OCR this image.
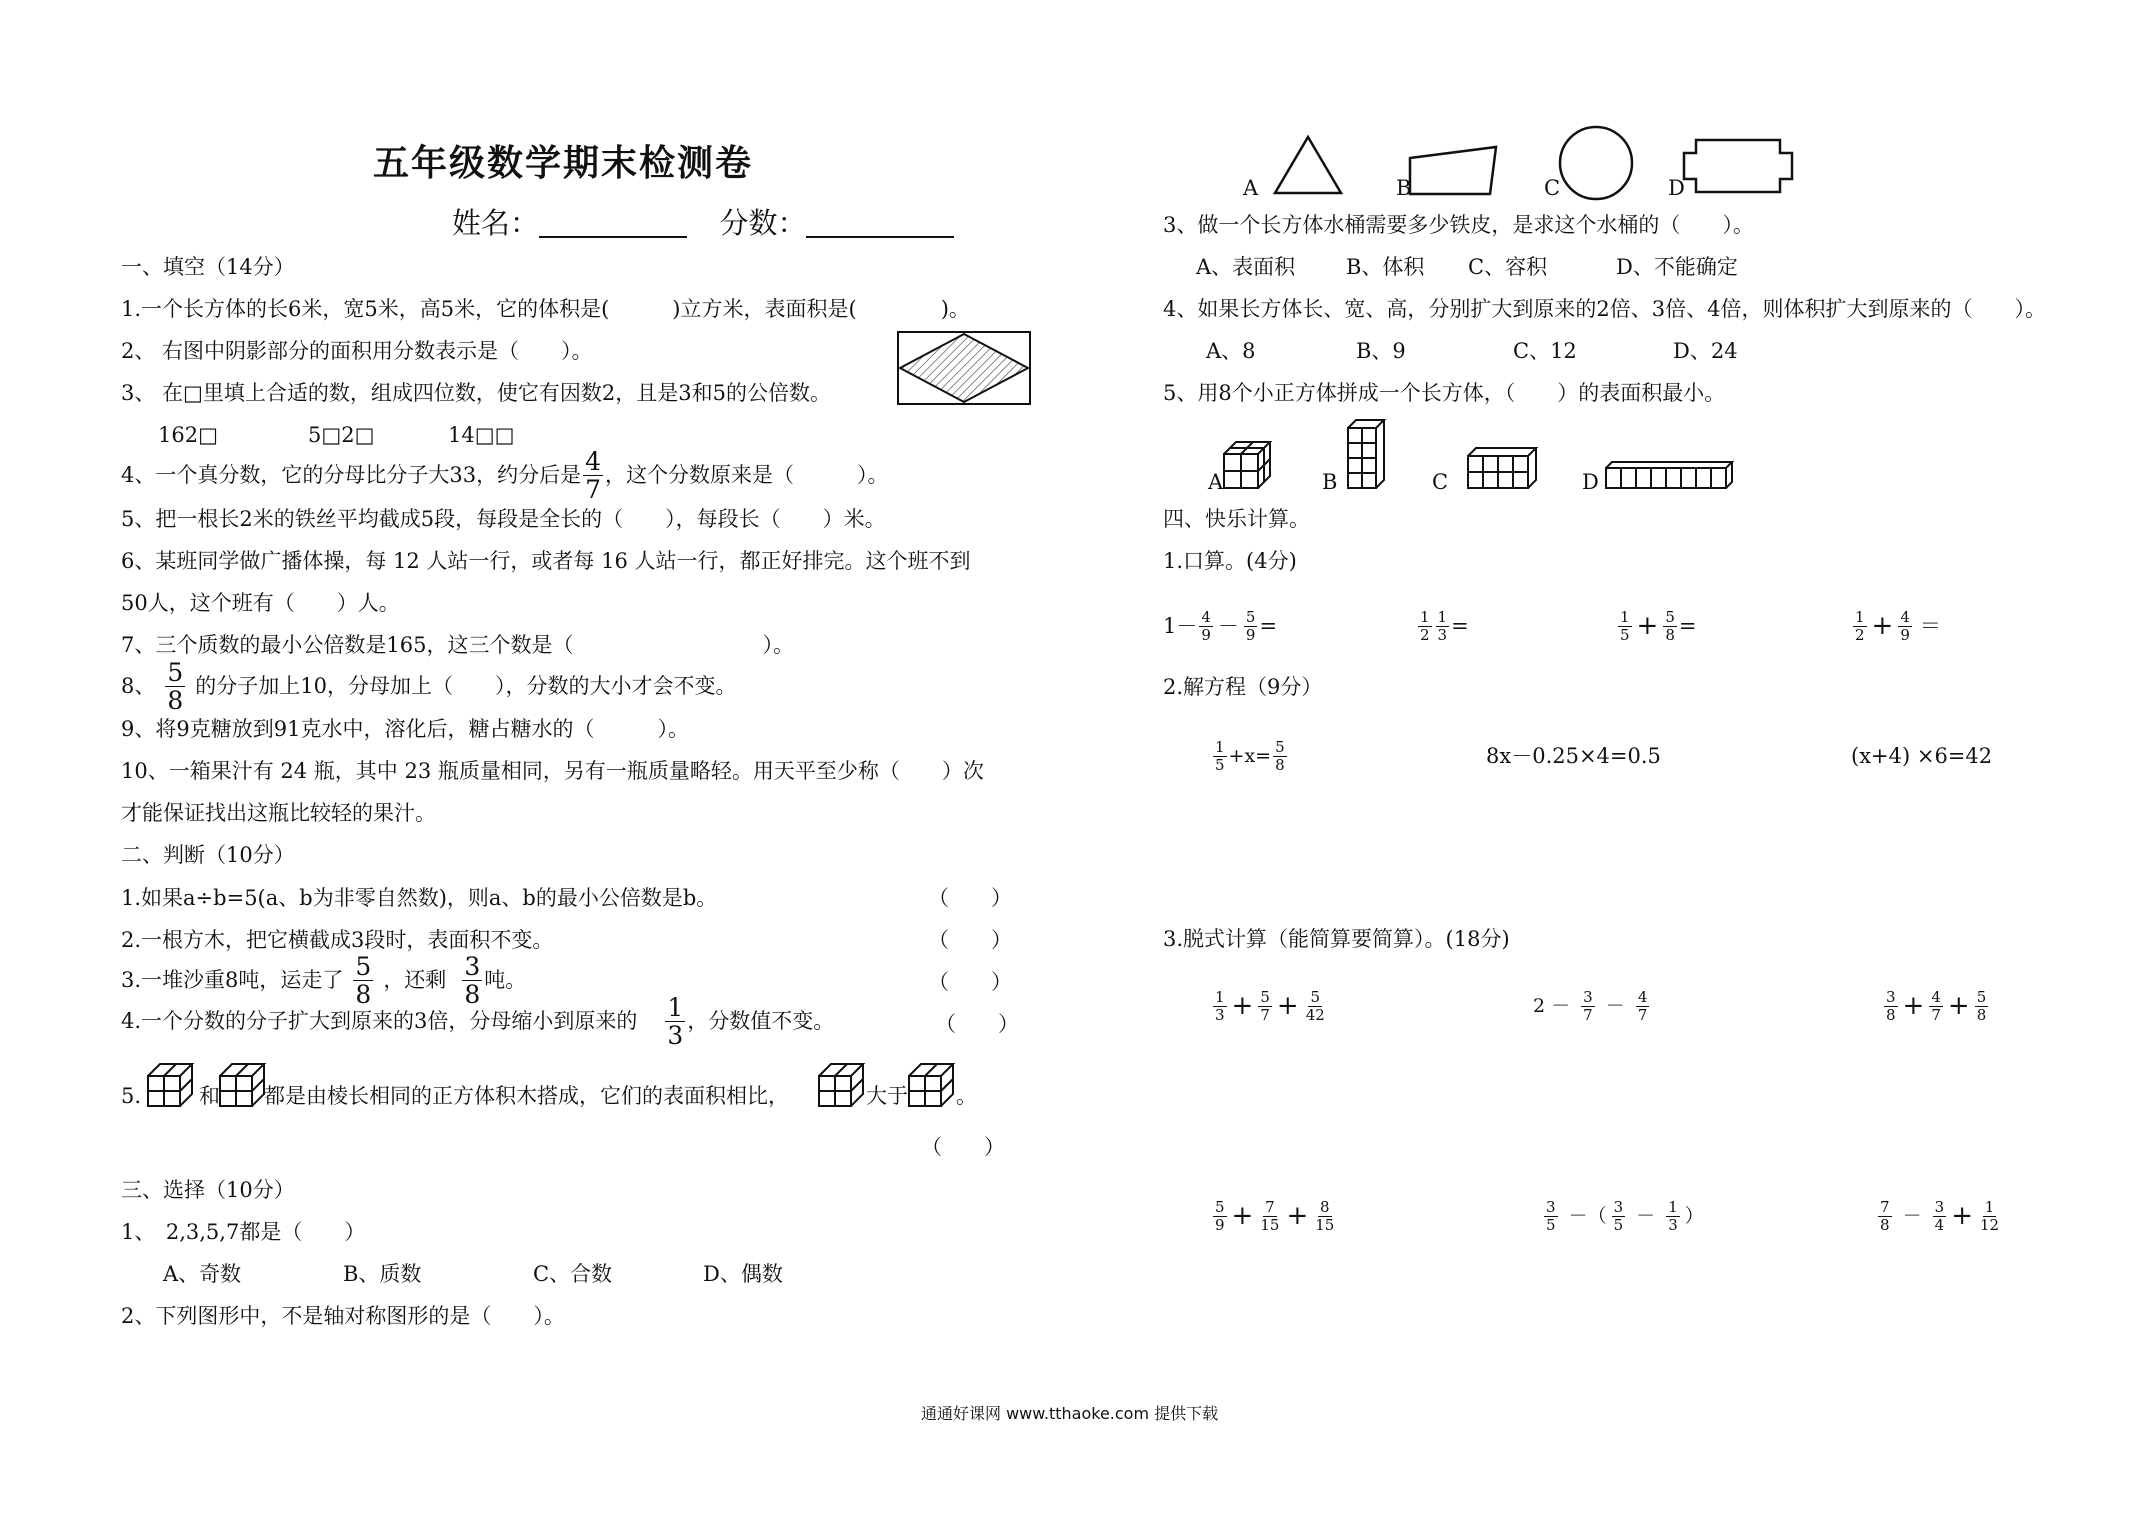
五年级数学期末检测卷
姓名：	分数：
一、填空（14分）
1.一个长方体的长6米，宽5米，高5米，它的体积是(　　　)立方米，表面积是(　　　　)。
2、 右图中阴影部分的面积用分数表示是（　　）。
3、 在□里填上合适的数，组成四位数，使它有因数2，且是3和5的公倍数。
162□	5□2□	14□□
4、一个真分数，它的分母比分子大33，约分后是 $\frac{4}{7}$ ，这个分数原来是（　　　）。
5、把一根长2米的铁丝平均截成5段，每段是全长的（　　），每段长（　　）米。
6、某班同学做广播体操，每 12 人站一行，或者每 16 人站一行，都正好排完。这个班不到
50人，这个班有（　　）人。
7、三个质数的最小公倍数是165，这三个数是（　　　　　　　　　）。
8、 $\frac{5}{8}$ 的分子加上10，分母加上（　　），分数的大小才会不变。
9、将9克糖放到91克水中，溶化后，糖占糖水的（　　　）。
10、一箱果汁有 24 瓶，其中 23 瓶质量相同，另有一瓶质量略轻。用天平至少称（　　）次
才能保证找出这瓶比较轻的果汁。
二、判断（10分）
1.如果a÷b=5(a、b为非零自然数)，则a、b的最小公倍数是b。	（　　）
2.一根方木，把它横截成3段时，表面积不变。	（　　）
3.一堆沙重8吨，运走了 $\frac{5}{8}$ ，还剩 $\frac{3}{8}$ 吨。	（　　）
4.一个分数的分子扩大到原来的3倍，分母缩小到原来的 $\frac{1}{3}$ ，分数值不变。	（　　）
5.	和 都是由棱长相同的正方体积木搭成，它们的表面积相比，	大于 。
（　　）
三、选择（10分）
1、　2,3,5,7都是（　　）
A、奇数	B、质数	C、合数	D、偶数
2、下列图形中，不是轴对称图形的是（　　）。
A	B	C	D
3、做一个长方体水桶需要多少铁皮，是求这个水桶的（　　）。
A、表面积 B、体积 C、容积	D、不能确定
4、如果长方体长、宽、高，分别扩大到原来的2倍、3倍、4倍，则体积扩大到原来的（　　）。
A、8	B、9	C、12	D、24
5、用8个小正方体拼成一个长方体，（　　）的表面积最小。
A	B	C	D
四、快乐计算。
1.口算。(4分)
$1- \frac{4}{9} - \frac{5}{9}$ =	$\frac{1}{2} \frac{1}{3}$ =	$\frac{1}{5} + \frac{5}{8}$ =	$\frac{1}{2} + \frac{4}{9}$ ＝
2.解方程（9分）
$\frac{1}{5} +x= \frac{5}{8}$	8x－0.25×4=0.5	(x+4) ×6=42
3.脱式计算（能简算要简算）。(18分)
$\frac{1}{3} + \frac{5}{7} + \frac{5}{42}$	$2 - \frac{3}{7} - \frac{4}{7}$	$\frac{3}{8} + \frac{4}{7} + \frac{5}{8}$
$\frac{5}{9} + \frac{7}{15} + \frac{8}{15}$	$\frac{3}{5}$ －（ $\frac{3}{5} - \frac{1}{3}$ ）	$\frac{7}{8} - \frac{3}{4} + \frac{1}{12}$
通通好课网 www.tthaoke.com 提供下载
